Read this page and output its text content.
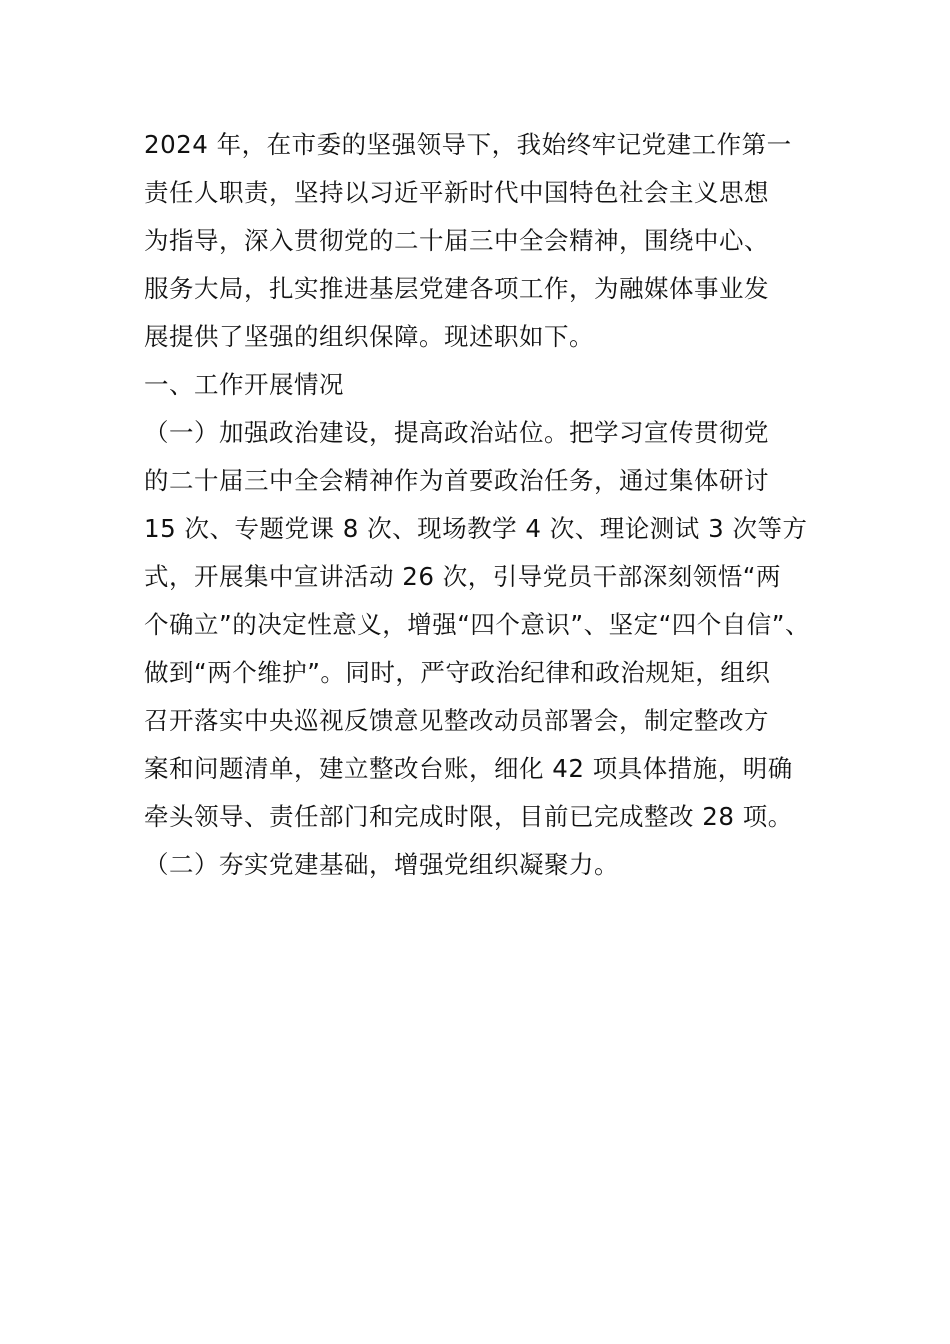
2024 年，在市委的坚强领导下，我始终牢记党建工作第一
责任人职责，坚持以习近平新时代中国特色社会主义思想
为指导，深入贯彻党的二十届三中全会精神，围绕中心、
服务大局，扎实推进基层党建各项工作，为融媒体事业发
展提供了坚强的组织保障。现述职如下。
一、工作开展情况
（一）加强政治建设，提高政治站位。把学习宣传贯彻党
的二十届三中全会精神作为首要政治任务，通过集体研讨
15 次、专题党课 8 次、现场教学 4 次、理论测试 3 次等方
式，开展集中宣讲活动 26 次，引导党员干部深刻领悟“两
个确立”的决定性意义，增强“四个意识”、坚定“四个自信”、
做到“两个维护”。同时，严守政治纪律和政治规矩，组织
召开落实中央巡视反馈意见整改动员部署会，制定整改方
案和问题清单，建立整改台账，细化 42 项具体措施，明确
牵头领导、责任部门和完成时限，目前已完成整改 28 项。
（二）夯实党建基础，增强党组织凝聚力。
